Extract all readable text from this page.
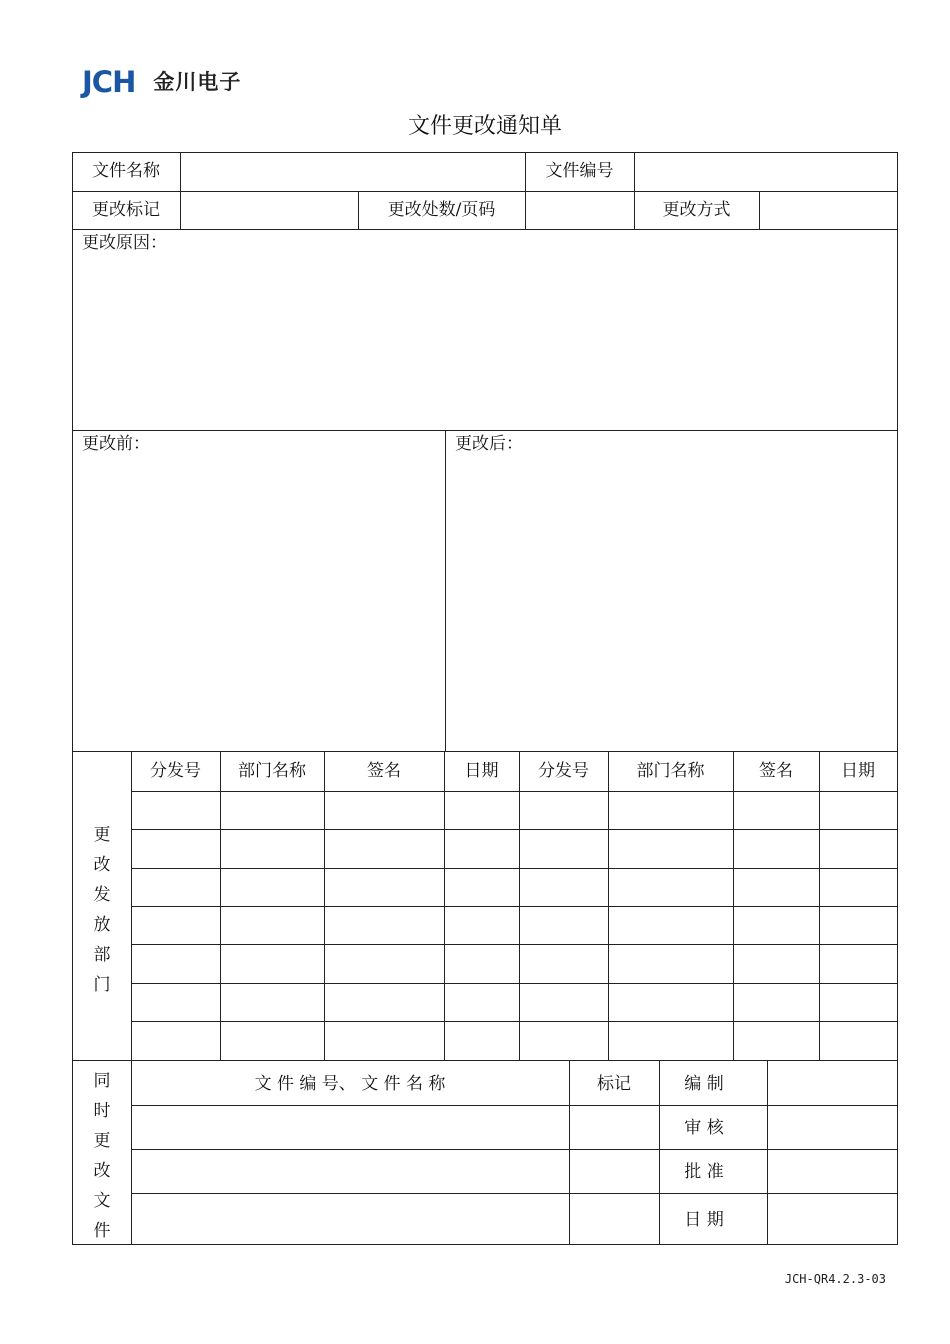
JCH 金川电子
文件更改通知单
文件名称	文件编号
更改标记	更改处数/页码	更改方式
更改原因：
更改前：	更改后：
分发号	部门名称	签名	日期	分发号	部门名称	签名	日期
更
改
发
放
部
门
同
时
更
改
文
件
文 件 编 号、 文 件 名 称	标记	编 制
审 核
批 准
日 期
JCH-QR4.2.3-03
